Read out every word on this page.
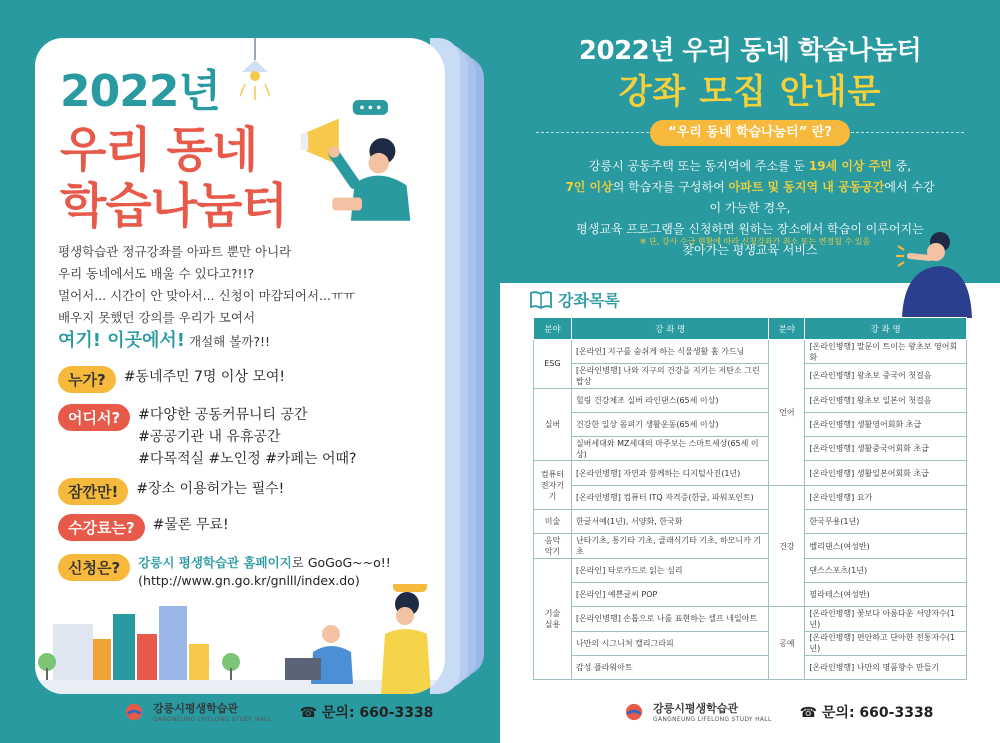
2022년
우리 동네
학습나눔터
평생학습관 정규강좌를 아파트 뿐만 아니라
우리 동네에서도 배울 수 있다고?!!?
멀어서... 시간이 안 맞아서... 신청이 마감되어서...ㅠㅠ
배우지 못했던 강의를 우리가 모여서
여기! 이곳에서! 개설해 볼까?!!
누가?	#동네주민 7명 이상 모여!
어디서?	#다양한 공동커뮤니티 공간
#공공기관 내 유휴공간
#다목적실 #노인정 #카페는 어때?
잠깐만!	#장소 이용허가는 필수!
수강료는?	#물론 무료!
신청은?	강릉시 평생학습관 홈페이지로 GoGoG~~o!!
(http://www.gn.go.kr/gnlll/index.do)
강릉시평생학습관
GANGNEUNG LIFELONG STUDY HALL ☎ 문의: 660-3338
2022년 우리 동네 학습나눔터
강좌 모집 안내문
“우리 동네 학습나눔터” 란?
강릉시 공동주택 또는 동지역에 주소를 둔 19세 이상 주민 중,
7인 이상의 학습자를 구성하여 아파트 및 동지역 내 공동공간에서 수강이 가능한 경우,
평생교육 프로그램을 신청하면 원하는 장소에서 학습이 이루어지는
찾아가는 평생교육 서비스
※ 단, 강사 수급 현황에 따라 신청강좌가 취소 또는 변경될 수 있음
강좌목록
분야	강 좌 명	분야	강 좌 명
ESG	[온라인] 지구를 숨쉬게 하는 식물생활 홈 가드닝	언어	[온라인병행] 말문이 트이는 왕초보 영어회화
	[온라인병행] 나와 지구의 건강을 지키는 저탄소 그린밥상		[온라인병행] 왕초보 중국어 첫걸음
실버	힐링 건강체조 실버 라인댄스(65세 이상)		[온라인병행] 왕초보 일본어 첫걸음
	건강한 일상 몸펴기 생활운동(65세 이상)		[온라인병행] 생활영어회화 초급
	실버세대와 MZ세대의 마주보는 스마트세상(65세 이상)		[온라인병행] 생활중국어회화 초급
컴퓨터
전자기기	[온라인병행] 자연과 함께하는 디지털사진(1년)		[온라인병행] 생활일본어회화 초급
	[온라인병행] 컴퓨터 ITQ 자격증(한글, 파워포인트)	건강	[온라인병행] 요가
미술	한글서예(1년), 서양화, 한국화		한국무용(1년)
음악
악기	난타기초, 통기타 기초, 클래식기타 기초, 하모니카 기초		벨리댄스(여성반)
기술
실용	[온라인] 타로카드로 읽는 심리		댄스스포츠(1년)
	[온라인] 예쁜글씨 POP		필라테스(여성반)
	[온라인병행] 손톱으로 나를 표현하는 셀프 네일아트	공예	[온라인병행] 꽃보다 아름다운 서양자수(1년)
	나만의 시그니처 캘리그라피		[온라인병행] 편안하고 단아한 전통자수(1년)
	감성 플라워아트		[온라인병행] 나만의 명품향수 만들기
강릉시평생학습관
GANGNEUNG LIFELONG STUDY HALL ☎ 문의: 660-3338
